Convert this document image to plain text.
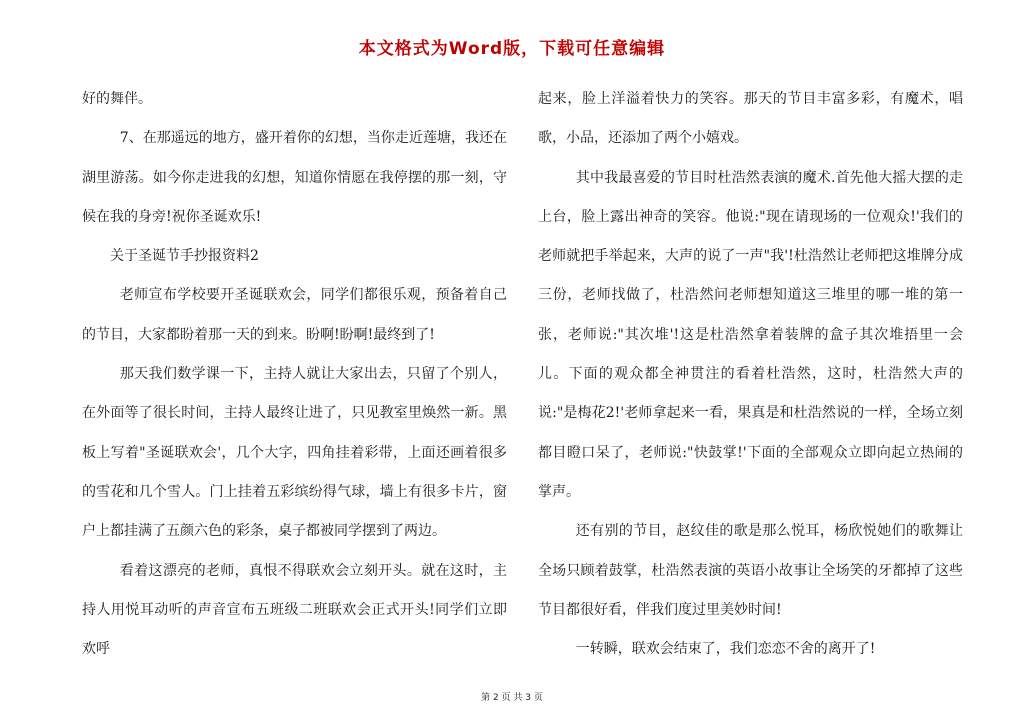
本文格式为Word版，下载可任意编辑

好的舞伴。

7、在那遥远的地方，盛开着你的幻想，当你走近莲塘，我还在湖里游荡。如今你走进我的幻想，知道你情愿在我停摆的那一刻，守候在我的身旁!祝你圣诞欢乐!

关于圣诞节手抄报资料2

老师宣布学校要开圣诞联欢会，同学们都很乐观，预备着自己的节目，大家都盼着那一天的到来。盼啊!盼啊!最终到了!

那天我们数学课一下，主持人就让大家出去，只留了个别人，在外面等了很长时间，主持人最终让进了，只见教室里焕然一新。黑板上写着"圣诞联欢会'，几个大字，四角挂着彩带，上面还画着很多的雪花和几个雪人。门上挂着五彩缤纷得气球，墙上有很多卡片，窗户上都挂满了五颜六色的彩条，桌子都被同学摆到了两边。

看着这漂亮的老师，真恨不得联欢会立刻开头。就在这时，主持人用悦耳动听的声音宣布五班级二班联欢会正式开头!同学们立即欢呼

起来，脸上洋溢着快力的笑容。那天的节目丰富多彩，有魔术，唱歌，小品，还添加了两个小嬉戏。

其中我最喜爱的节目时杜浩然表演的魔术.首先他大摇大摆的走上台，脸上露出神奇的笑容。他说:"现在请现场的一位观众!'我们的老师就把手举起来，大声的说了一声"我'!杜浩然让老师把这堆牌分成三份，老师找做了，杜浩然问老师想知道这三堆里的哪一堆的第一张，老师说:"其次堆'!这是杜浩然拿着装牌的盒子其次堆捂里一会儿。下面的观众都全神贯注的看着杜浩然，这时，杜浩然大声的说:"是梅花2!'老师拿起来一看，果真是和杜浩然说的一样，全场立刻都目瞪口呆了，老师说:"快鼓掌!'下面的全部观众立即向起立热闹的掌声。

还有别的节目，赵纹佳的歌是那么悦耳，杨欣悦她们的歌舞让全场只顾着鼓掌，杜浩然表演的英语小故事让全场笑的牙都掉了这些节目都很好看，伴我们度过里美妙时间!

一转瞬，联欢会结束了，我们恋恋不舍的离开了!

第 2 页 共 3 页
